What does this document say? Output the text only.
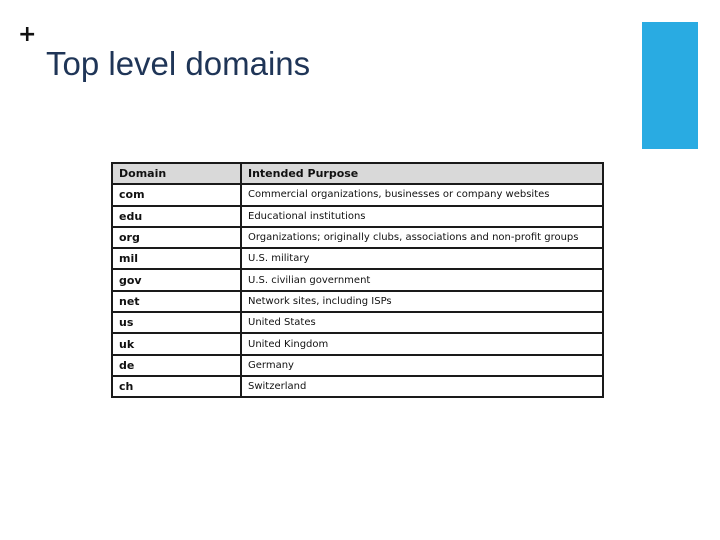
+
Top level domains
Domain	Intended Purpose
com	Commercial organizations, businesses or company websites
edu	Educational institutions
org	Organizations; originally clubs, associations and non-profit groups
mil	U.S. military
gov	U.S. civilian government
net	Network sites, including ISPs
us	United States
uk	United Kingdom
de	Germany
ch	Switzerland
